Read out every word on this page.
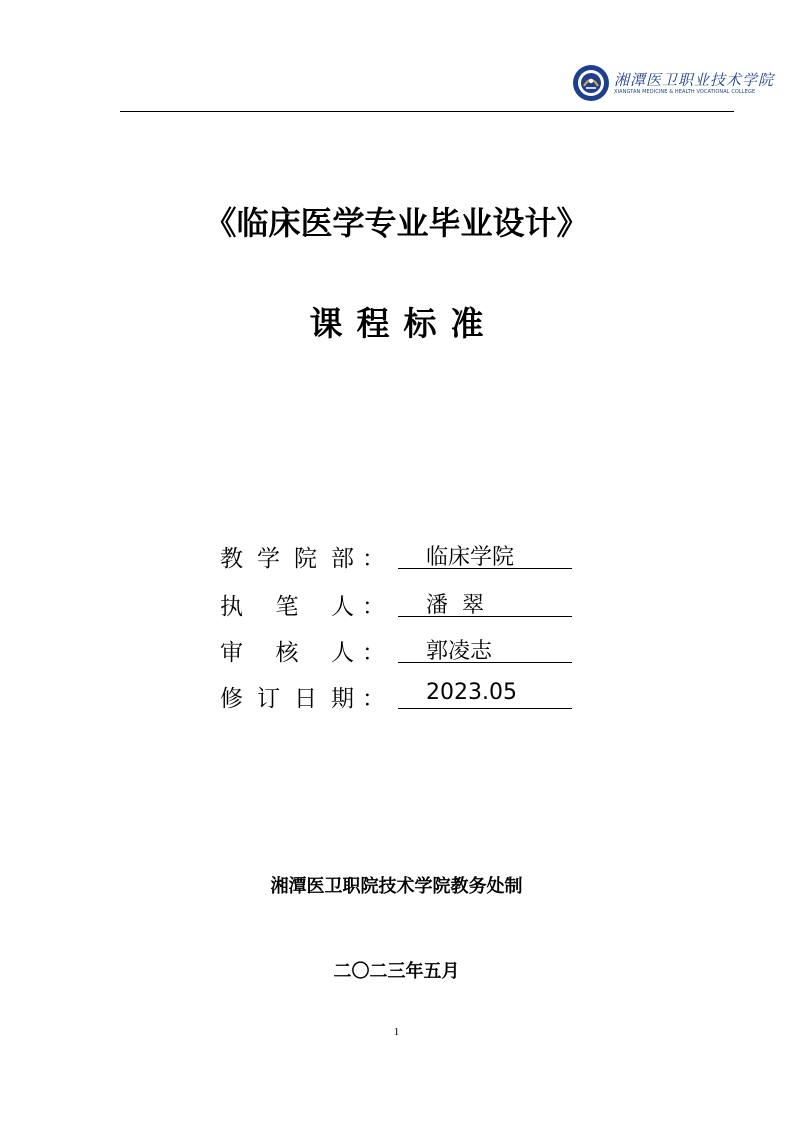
湘潭医卫职业技术学院
XIANGTAN MEDICINE & HEALTH VOCATIONAL COLLEGE
《临床医学专业毕业设计》
课程标准
教 学 院 部 ：

临床学院

执 笔 人 ：

潘  翠

审 核 人 ：

郭凌志

修 订 日 期 ：

2023.05

湘潭医卫职院技术学院教务处制
二〇二三年五月
1
